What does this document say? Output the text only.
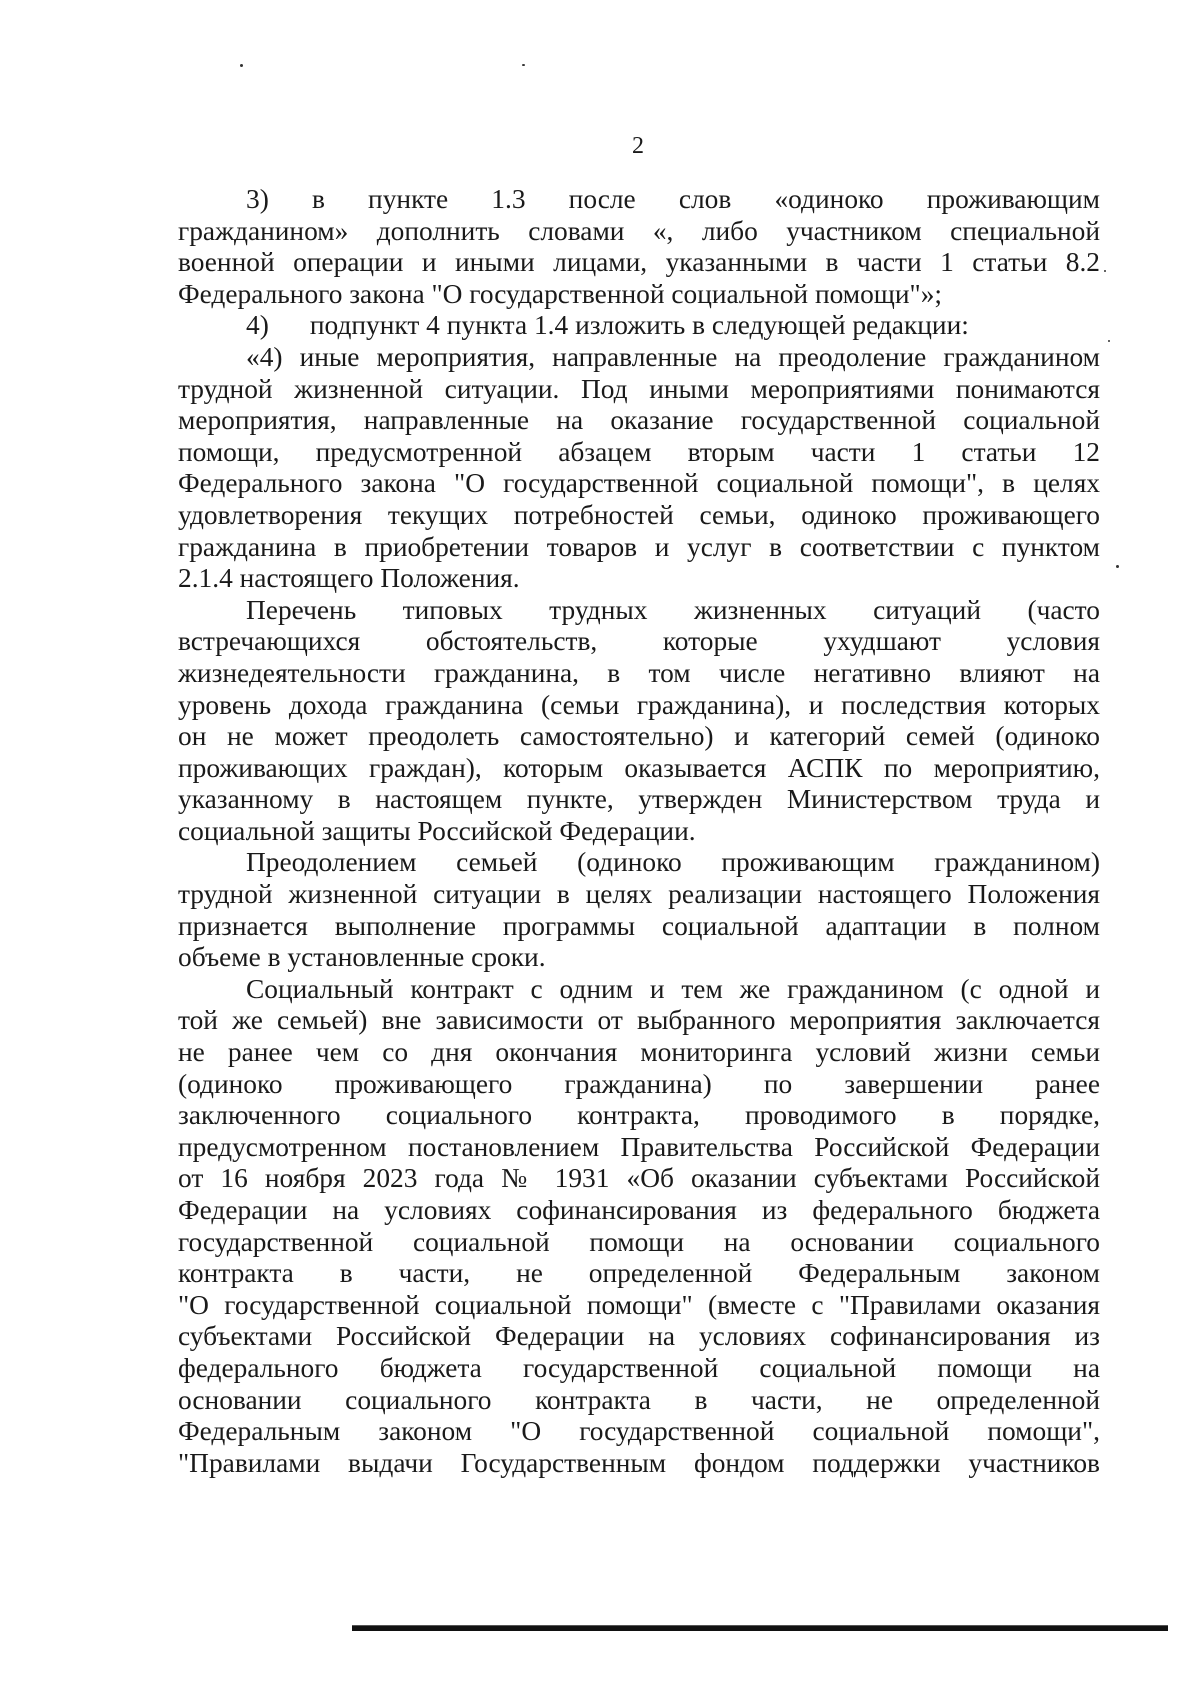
2
3)   в   пункте   1.3   после   слов   «одиноко   проживающим
гражданином» дополнить словами «, либо участником специальной
военной операции и иными лицами, указанными в части 1 статьи 8.2
Федерального закона "О государственной социальной помощи"»;
4)      подпункт 4 пункта 1.4 изложить в следующей редакции:
«4) иные мероприятия, направленные на преодоление гражданином
трудной жизненной ситуации. Под иными мероприятиями понимаются
мероприятия, направленные на оказание государственной социальной
помощи, предусмотренной абзацем вторым части 1 статьи 12
Федерального закона "О государственной социальной помощи", в целях
удовлетворения текущих потребностей семьи, одиноко проживающего
гражданина в приобретении товаров и услуг в соответствии с пунктом
2.1.4 настоящего Положения.
Перечень типовых трудных жизненных ситуаций (часто
встречающихся обстоятельств, которые ухудшают условия
жизнедеятельности гражданина, в том числе негативно влияют на
уровень дохода гражданина (семьи гражданина), и последствия которых
он не может преодолеть самостоятельно) и категорий семей (одиноко
проживающих граждан), которым оказывается АСПК по мероприятию,
указанному в настоящем пункте, утвержден Министерством труда и
социальной защиты Российской Федерации.
Преодолением семьей (одиноко проживающим гражданином)
трудной жизненной ситуации в целях реализации настоящего Положения
признается выполнение программы социальной адаптации в полном
объеме в установленные сроки.
Социальный контракт с одним и тем же гражданином (с одной и
той же семьей) вне зависимости от выбранного мероприятия заключается
не ранее чем со дня окончания мониторинга условий жизни семьи
(одиноко проживающего гражданина) по завершении ранее
заключенного социального контракта, проводимого в порядке,
предусмотренном постановлением Правительства Российской Федерации
от 16 ноября 2023 года № 1931 «Об оказании субъектами Российской
Федерации на условиях софинансирования из федерального бюджета
государственной социальной помощи на основании социального
контракта в части, не определенной Федеральным законом
"О государственной социальной помощи" (вместе с "Правилами оказания
субъектами Российской Федерации на условиях софинансирования из
федерального бюджета государственной социальной помощи на
основании социального контракта в части, не определенной
Федеральным законом "О государственной социальной помощи",
"Правилами выдачи Государственным фондом поддержки участников
